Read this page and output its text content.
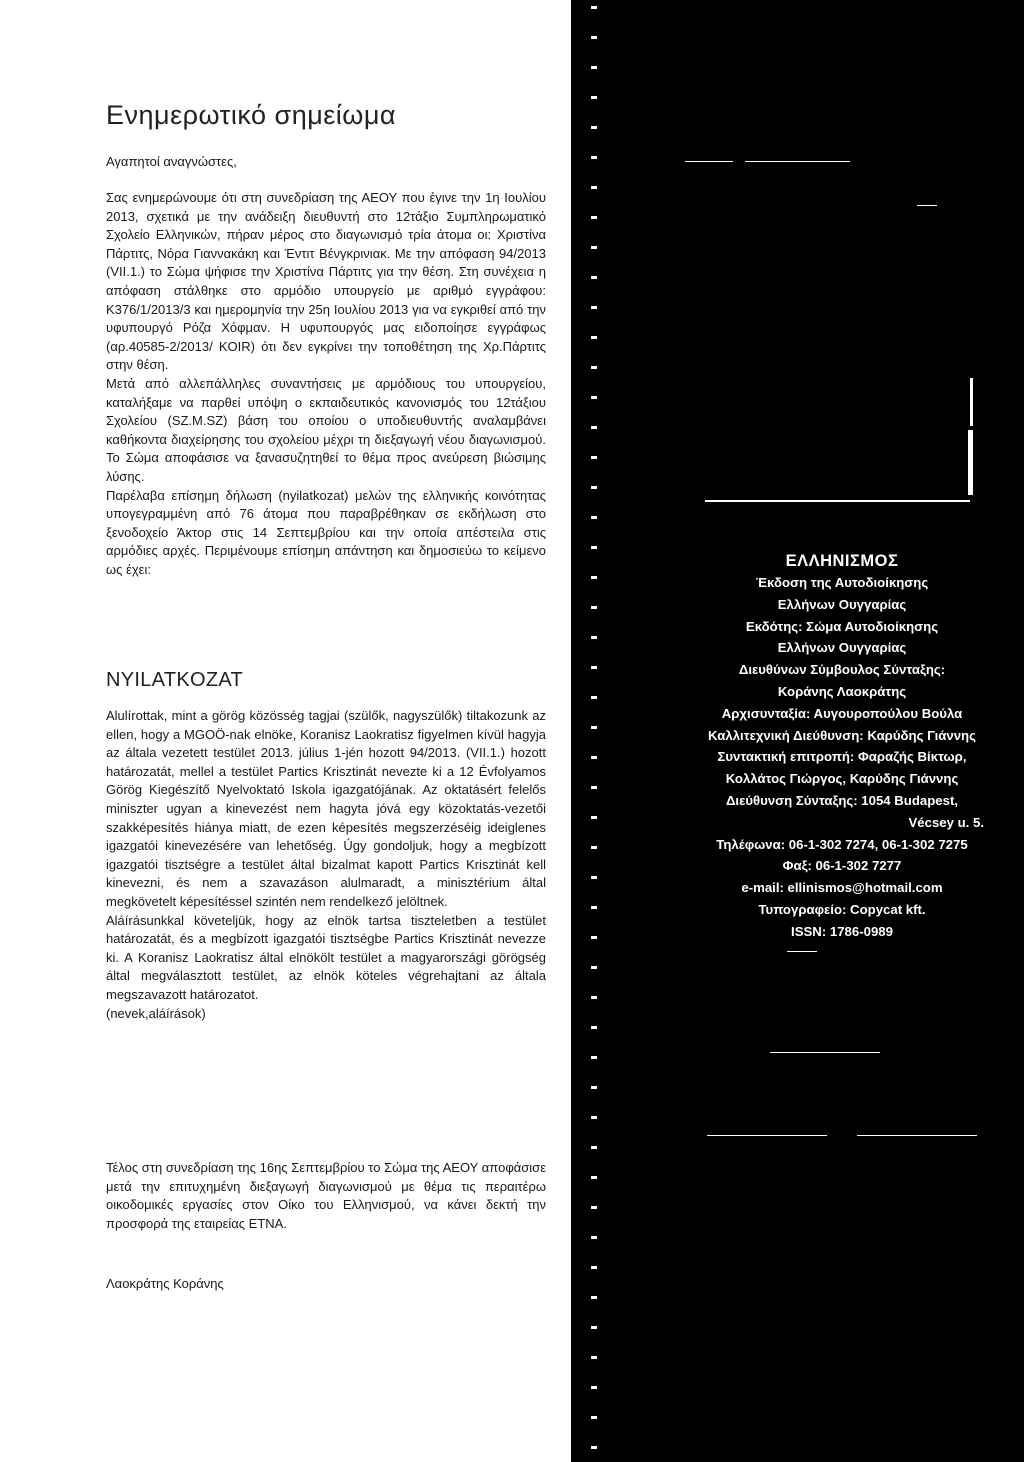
Ενημερωτικό σημείωμα
Αγαπητοί αναγνώστες,

Σας ενημερώνουμε ότι στη συνεδρίαση της ΑΕΟΥ που έγινε την 1η Ιουλίου 2013, σχετικά με την ανάδειξη διευθυντή στο 12τάξιο Συμπληρωματικό Σχολείο Ελληνικών, πήραν μέρος στο διαγωνισμό τρία άτομα οι: Χριστίνα Πάρτιτς, Νόρα Γιαννακάκη και Έντιτ Βένγκρινιακ. Με την απόφαση 94/2013 (VII.1.) το Σώμα ψήφισε την Χριστίνα Πάρτιτς για την θέση. Στη συνέχεια η απόφαση στάλθηκε στο αρμόδιο υπουργείο με αριθμό εγγράφου: K376/1/2013/3 και ημερομηνία την 25η Ιουλίου 2013 για να εγκριθεί από την υφυπουργό Ρόζα Χόφμαν. Η υφυπουργός μας ειδοποίησε εγγράφως (αρ.40585-2/2013/ KOIR) ότι δεν εγκρίνει την τοποθέτηση της Χρ.Πάρτιτς στην θέση.

Μετά από αλλεπάλληλες συναντήσεις με αρμόδιους του υπουργείου, καταλήξαμε να παρθεί υπόψη ο εκπαιδευτικός κανονισμός του 12τάξιου Σχολείου (SZ.M.SZ) βάση του οποίου ο υποδιευθυντής αναλαμβάνει καθήκοντα διαχείρησης του σχολείου μέχρι τη διεξαγωγή νέου διαγωνισμού. Το Σώμα αποφάσισε να ξανασυζητηθεί το θέμα προς ανεύρεση βιώσιμης λύσης.

Παρέλαβα επίσημη δήλωση (nyilatkozat) μελών της ελληνικής κοινότητας υπογεγραμμένη από 76 άτομα που παραβρέθηκαν σε εκδήλωση στο ξενοδοχείο Άκτορ στις 14 Σεπτεμβρίου και την οποία απέστειλα στις αρμόδιες αρχές. Περιμένουμε επίσημη απάντηση και δημοσιεύω το κείμενο ως έχει:

NYILATKOZAT

Alulírottak, mint a görög közösség tagjai (szülők, nagyszülők) tiltakozunk az ellen, hogy a MGOÖ-nak elnöke, Koranisz Laokratisz figyelmen kívül hagyja az általa vezetett testület 2013. július 1-jén hozott 94/2013. (VII.1.) hozott határozatát, mellel a testület Partics Krisztinát nevezte ki a 12 Évfolyamos Görög Kiegészítő Nyelvoktató Iskola igazgatójának. Az oktatásért felelős miniszter ugyan a kinevezést nem hagyta jóvá egy közoktatás-vezetői szakképesítés hiánya miatt, de ezen képesítés megszerzéséig ideiglenes igazgatói kinevezésére van lehetőség. Úgy gondoljuk, hogy a megbízott igazgatói tisztségre a testület által bizalmat kapott Partics Krisztinát kell kinevezni, és nem a szavazáson alulmaradt, a minisztérium által megkövetelt képesítéssel szintén nem rendelkező jelöltnek.

Aláírásunkkal követeljük, hogy az elnök tartsa tiszteletben a testület határozatát, és a megbízott igazgatói tisztségbe Partics Krisztinát nevezze ki. A Koranisz Laokratisz által elnökölt testület a magyarországi görögség által megválasztott testület, az elnök köteles végrehajtani az általa megszavazott határozatot.

(nevek,aláírások)

Τέλος στη συνεδρίαση της 16ης Σεπτεμβρίου το Σώμα της ΑΕΟΥ αποφάσισε μετά την επιτυχημένη διεξαγωγή διαγωνισμού με θέμα τις περαιτέρω οικοδομικές εργασίες στον Οίκο του Ελληνισμού, να κάνει δεκτή την προσφορά της εταιρείας ETNA.
Λαοκράτης Κοράνης
ΕΛΛΗΝΙΣΜΟΣ
Έκδοση της Αυτοδιοίκησης
Ελλήνων Ουγγαρίας
Εκδότης: Σώμα Αυτοδιοίκησης
Ελλήνων Ουγγαρίας
Διευθύνων Σύμβουλος Σύνταξης:
Κοράνης Λαοκράτης
Αρχισυνταξία: Αυγουροπούλου Βούλα
Καλλιτεχνική Διεύθυνση: Καρύδης Γιάννης
Συντακτική επιτροπή: Φαραζής Βίκτωρ,
Κολλάτος Γιώργος, Καρύδης Γιάννης
Διεύθυνση Σύνταξης: 1054 Budapest,
Vécsey u. 5.
Τηλέφωνα: 06-1-302 7274, 06-1-302 7275
Φαξ: 06-1-302 7277
e-mail: ellinismos@hotmail.com
Τυπογραφείο: Copycat kft.
ISSN: 1786-0989
